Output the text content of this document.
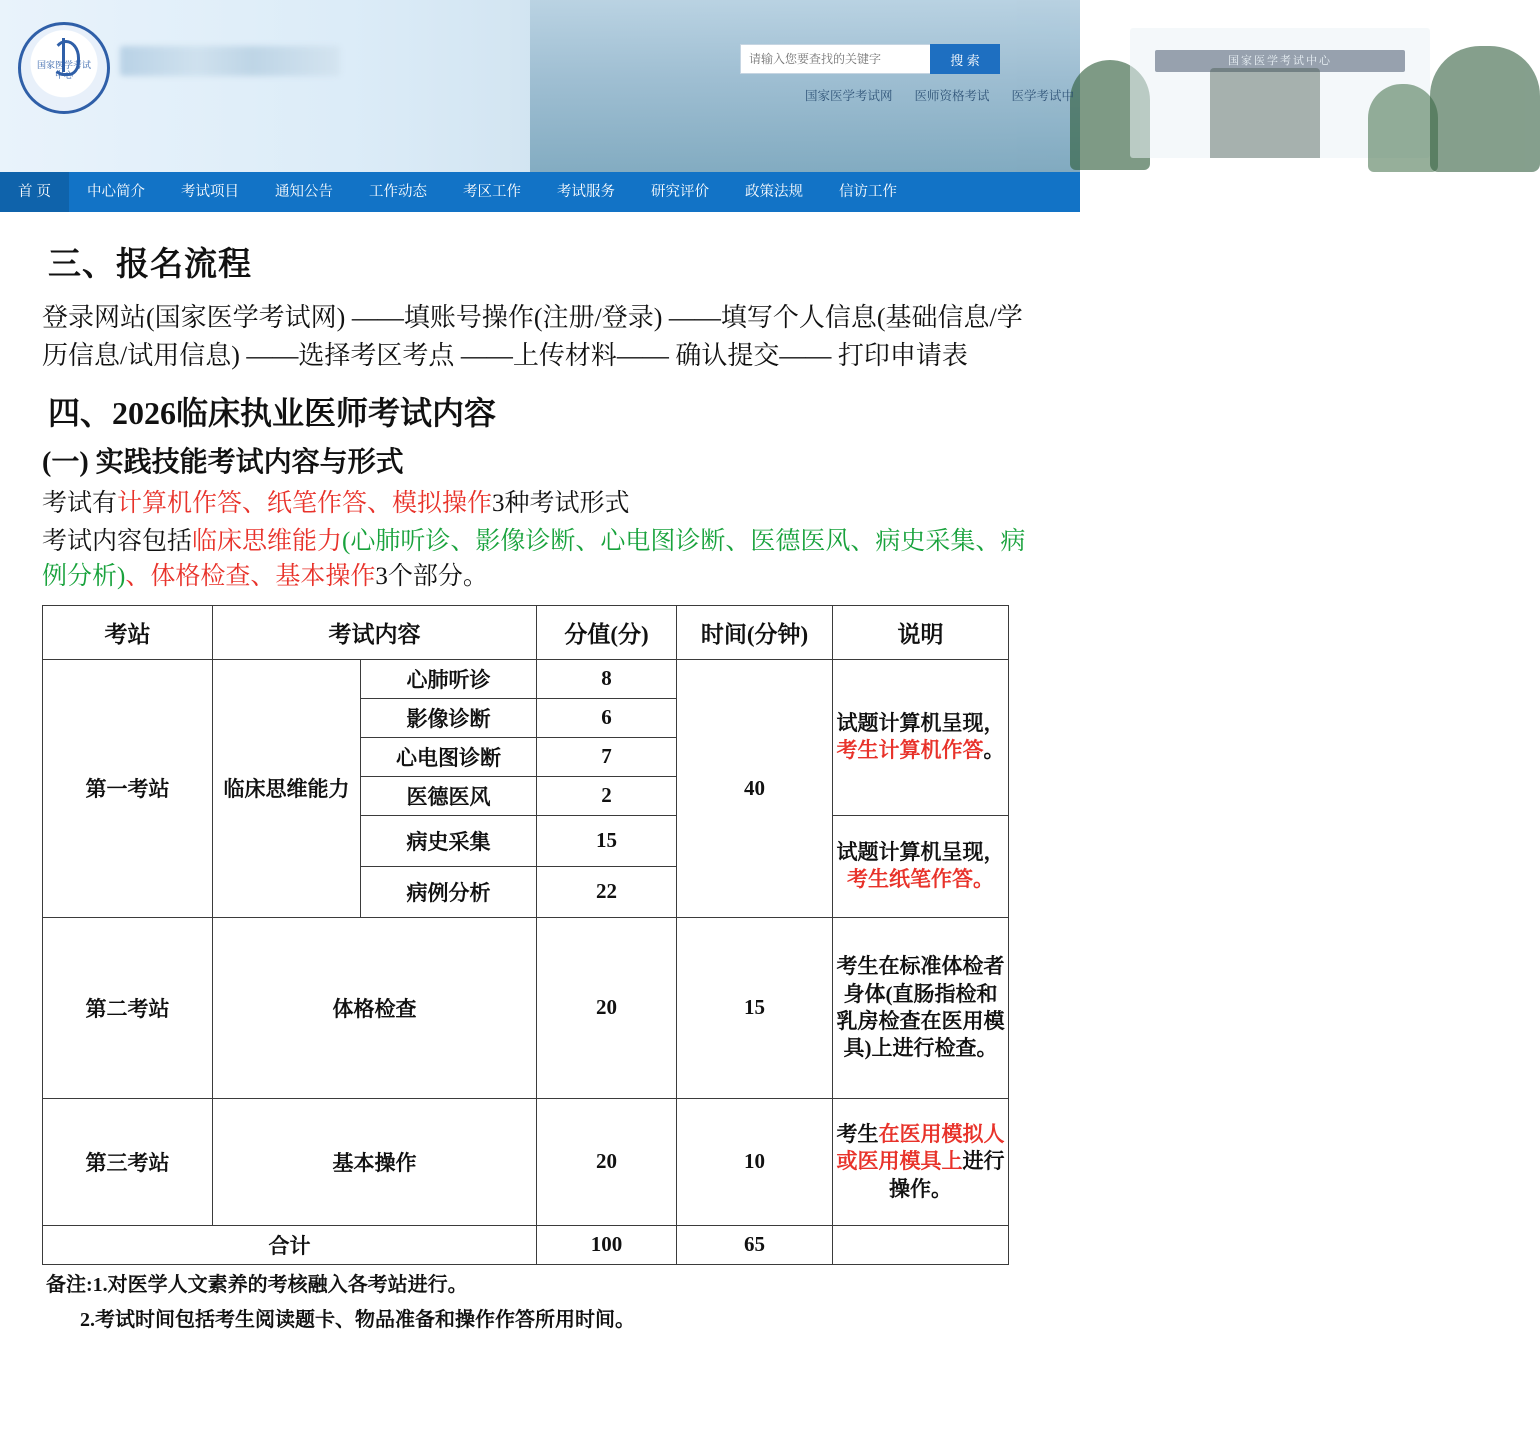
国家医学考试中心
国家医学考试中心
请输入您要查找的关键字
搜 索
国家医学考试网 医师资格考试 医学考试中
首 页	中心简介	考试项目	通知公告	工作动态	考区工作	考试服务	研究评价	政策法规	信访工作
三、报名流程
登录网站(国家医学考试网) ——填账号操作(注册/登录) ——填写个人信息(基础信息/学历信息/试用信息) ——选择考区考点 ——上传材料—— 确认提交—— 打印申请表
四、2026临床执业医师考试内容
(一) 实践技能考试内容与形式
考试有计算机作答、纸笔作答、模拟操作3种考试形式
考试内容包括临床思维能力(心肺听诊、影像诊断、心电图诊断、医德医风、病史采集、病例分析)、体格检查、基本操作3个部分。
考站	考试内容		分值(分)	时间(分钟)	说明
第一考站	临床思维能力	心肺听诊	8	40	试题计算机呈现，考生计算机作答。
		影像诊断	6		
		心电图诊断	7		
		医德医风	2		
		病史采集	15		试题计算机呈现，考生纸笔作答。
		病例分析	22		
第二考站	体格检查		20	15	考生在标准体检者身体(直肠指检和乳房检查在医用模具)上进行检查。
第三考站	基本操作		20	10	考生在医用模拟人或医用模具上进行操作。
合计			100	65	
备注:1.对医学人文素养的考核融入各考站进行。
2.考试时间包括考生阅读题卡、物品准备和操作作答所用时间。
